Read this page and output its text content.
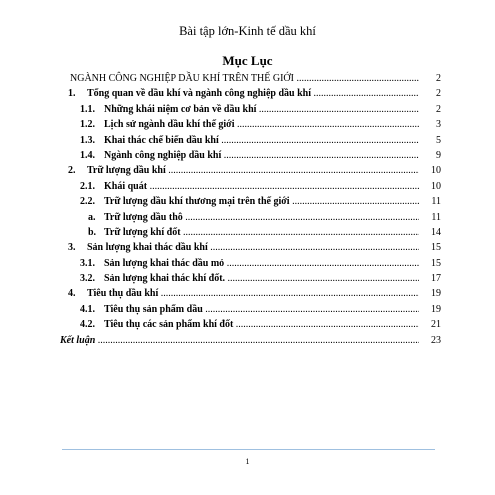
Bài tập lớn-Kinh tế dầu khí
Mục Lục
NGÀNH CÔNG NGHIỆP DẦU KHÍ TRÊN THẾ GIỚI .....	2
1. Tổng quan về dầu khí và ngành công nghiệp dầu khí .....	2
1.1. Những khái niệm cơ bản về dầu khí .....	2
1.2. Lịch sử ngành dầu khí thế giới .....	3
1.3. Khai thác chế biến dầu khí .....	5
1.4. Ngành công nghiệp dầu khí .....	9
2. Trữ lượng dầu khí .....	10
2.1. Khái quát .....	10
2.2. Trữ lượng dầu khí thương mại trên thế giới .....	11
a. Trữ lượng dầu thô .....	11
b. Trữ lượng khí đốt .....	14
3. Sản lượng khai thác dầu khí .....	15
3.1. Sản lượng khai thác dầu mỏ .....	15
3.2. Sản lượng khai thác khí đốt. .....	17
4. Tiêu thụ dầu khí .....	19
4.1. Tiêu thụ sản phẩm dầu .....	19
4.2. Tiêu thụ các sản phẩm khí đốt .....	21
Kết luận .....	23
1
